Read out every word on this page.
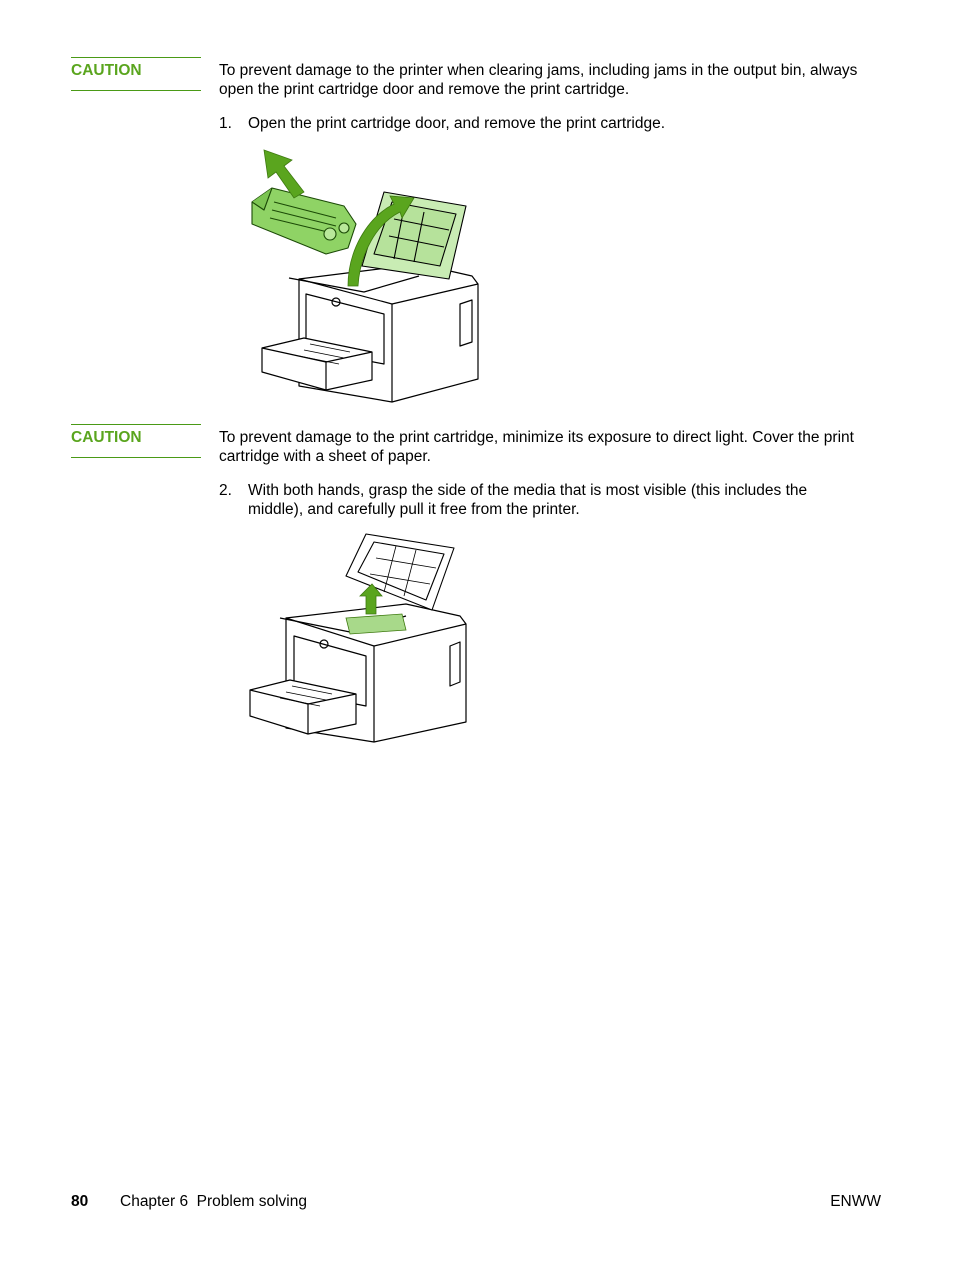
CAUTION	To prevent damage to the printer when clearing jams, including jams in the output bin, always open the print cartridge door and remove the print cartridge.
1.	Open the print cartridge door, and remove the print cartridge.
CAUTION	To prevent damage to the print cartridge, minimize its exposure to direct light. Cover the print cartridge with a sheet of paper.
2.	With both hands, grasp the side of the media that is most visible (this includes the middle), and carefully pull it free from the printer.
80 Chapter 6  Problem solving	ENWW
